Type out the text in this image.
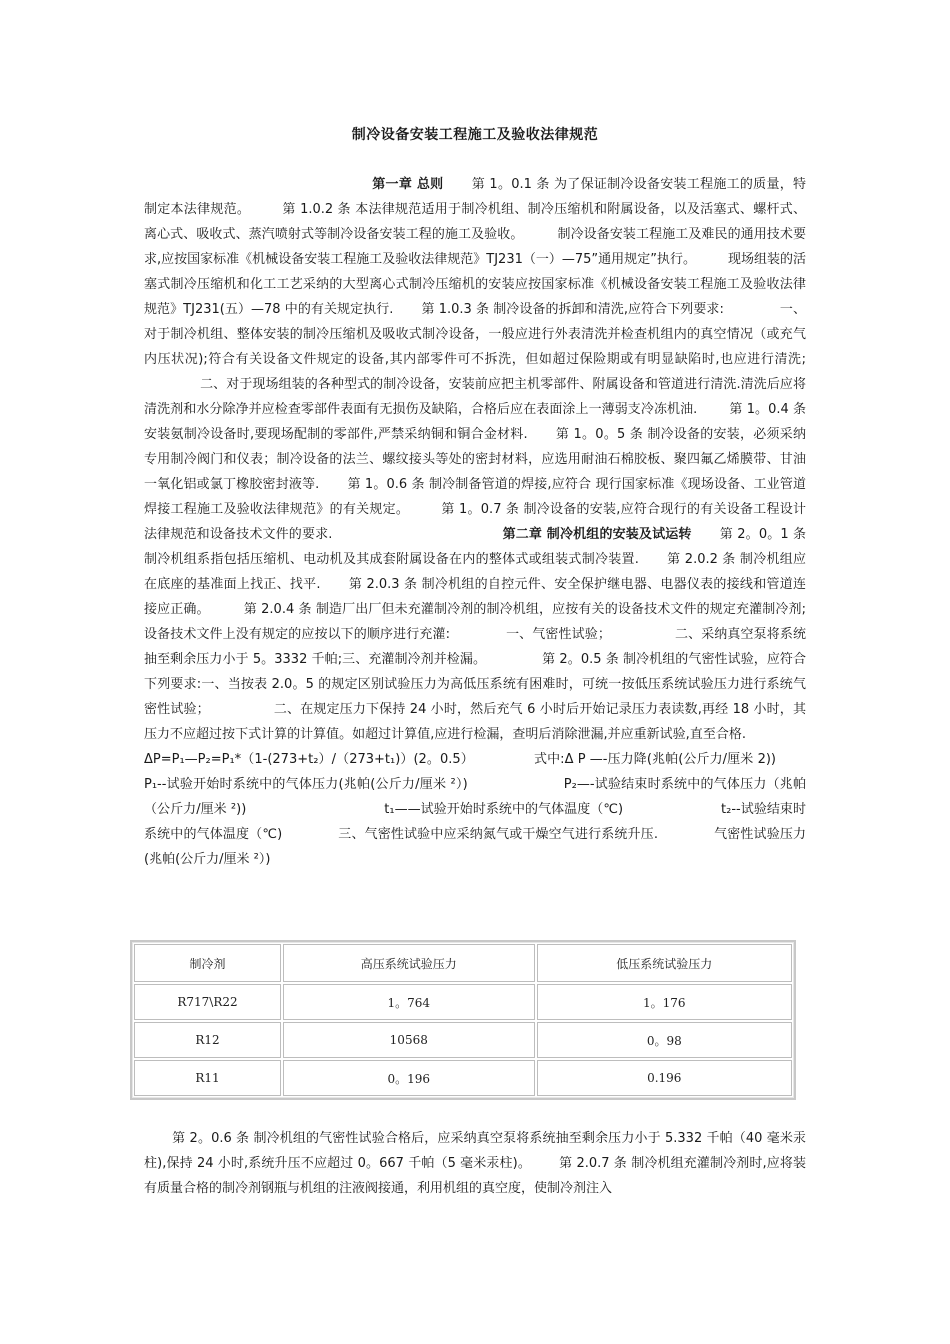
制冷设备安装工程施工及验收法律规范
第一章 总则 第 1。0.1 条 为了保证制冷设备安装工程施工的质量，特制定本法律规范。 第 1.0.2 条 本法律规范适用于制冷机组、制冷压缩机和附属设备，以及活塞式、螺杆式、离心式、吸收式、蒸汽喷射式等制冷设备安装工程的施工及验收。	制冷设备安装工程施工及难民的通用技术要求,应按国家标准《机械设备安装工程施工及验收法律规范》TJ231（一）—75”通用规定”执行。 现场组装的活塞式制冷压缩机和化工工艺采纳的大型离心式制冷压缩机的安装应按国家标准《机械设备安装工程施工及验收法律规范》TJ231(五）—78 中的有关规定执行. 第 1.0.3 条 制冷设备的拆卸和清洗,应符合下列要求:	一、对于制冷机组、整体安装的制冷压缩机及吸收式制冷设备，一般应进行外表清洗并检查机组内的真空情况（或充气内压状况);符合有关设备文件规定的设备,其内部零件可不拆洗，但如超过保险期或有明显缺陷时,也应进行清洗;二、对于现场组装的各种型式的制冷设备，安装前应把主机零部件、附属设备和管道进行清洗.清洗后应将清洗剂和水分除净并应检查零部件表面有无损伤及缺陷，合格后应在表面涂上一薄弱支冷冻机油. 第 1。0.4 条 安装氨制冷设备时,要现场配制的零部件,严禁采纳铜和铜合金材料. 第 1。0。5 条 制冷设备的安装，必须采纳专用制冷阀门和仪表；制冷设备的法兰、螺纹接头等处的密封材料，应选用耐油石棉胶板、聚四氟乙烯膜带、甘油一氧化铝或氯丁橡胶密封液等. 第 1。0.6 条 制冷制备管道的焊接,应符合 现行国家标准《现场设备、工业管道焊接工程施工及验收法律规范》的有关规定。 第 1。0.7 条 制冷设备的安装,应符合现行的有关设备工程设计法律规范和设备技术文件的要求.	第二章 制冷机组的安装及试运转 第 2。0。1 条 制冷机组系指包括压缩机、电动机及其成套附属设备在内的整体式或组装式制冷装置. 第 2.0.2 条 制冷机组应在底座的基准面上找正、找平. 第 2.0.3 条 制冷机组的自控元件、安全保护继电器、电器仪表的接线和管道连接应正确。	第 2.0.4 条 制造厂出厂但未充灌制冷剂的制冷机组，应按有关的设备技术文件的规定充灌制冷剂;设备技术文件上没有规定的应按以下的顺序进行充灌:	一、气密性试验；	二、采纳真空泵将系统抽至剩余压力小于 5。3332 千帕;三、充灌制冷剂并检漏。	第 2。0.5 条 制冷机组的气密性试验，应符合下列要求:一、当按表 2.0。5 的规定区别试验压力为高低压系统有困难时，可统一按低压系统试验压力进行系统气密性试验；	二、在规定压力下保持 24 小时，然后充气 6 小时后开始记录压力表读数,再经 18 小时，其压力不应超过按下式计算的计算值。如超过计算值,应进行检漏，查明后消除泄漏,并应重新试验,直至合格.ΔP=P₁—P₂=P₁*（1-(273+t₂）/（273+t₁)）(2。0.5）	式中:Δ P —-压力降(兆帕(公斤力/厘米 2))P₁--试验开始时系统中的气体压力(兆帕(公斤力/厘米 ²）)	P₂—-试验结束时系统中的气体压力（兆帕（公斤力/厘米 ²))	t₁——试验开始时系统中的气体温度（℃)	t₂--试验结束时系统中的气体温度（℃)	三、气密性试验中应采纳氮气或干燥空气进行系统升压.	气密性试验压力(兆帕(公斤力/厘米 ²）)
制冷剂	高压系统试验压力	低压系统试验压力
R717\R22	1。764	1。176
R12	10568	0。98
R11	0。196	0.196
第 2。0.6 条 制冷机组的气密性试验合格后，应采纳真空泵将系统抽至剩余压力小于 5.332 千帕（40 毫米汞柱),保持 24 小时,系统升压不应超过 0。667 千帕（5 毫米汞柱)。 第 2.0.7 条 制冷机组充灌制冷剂时,应将装有质量合格的制冷剂钢瓶与机组的注液阀接通，利用机组的真空度，使制冷剂注入
